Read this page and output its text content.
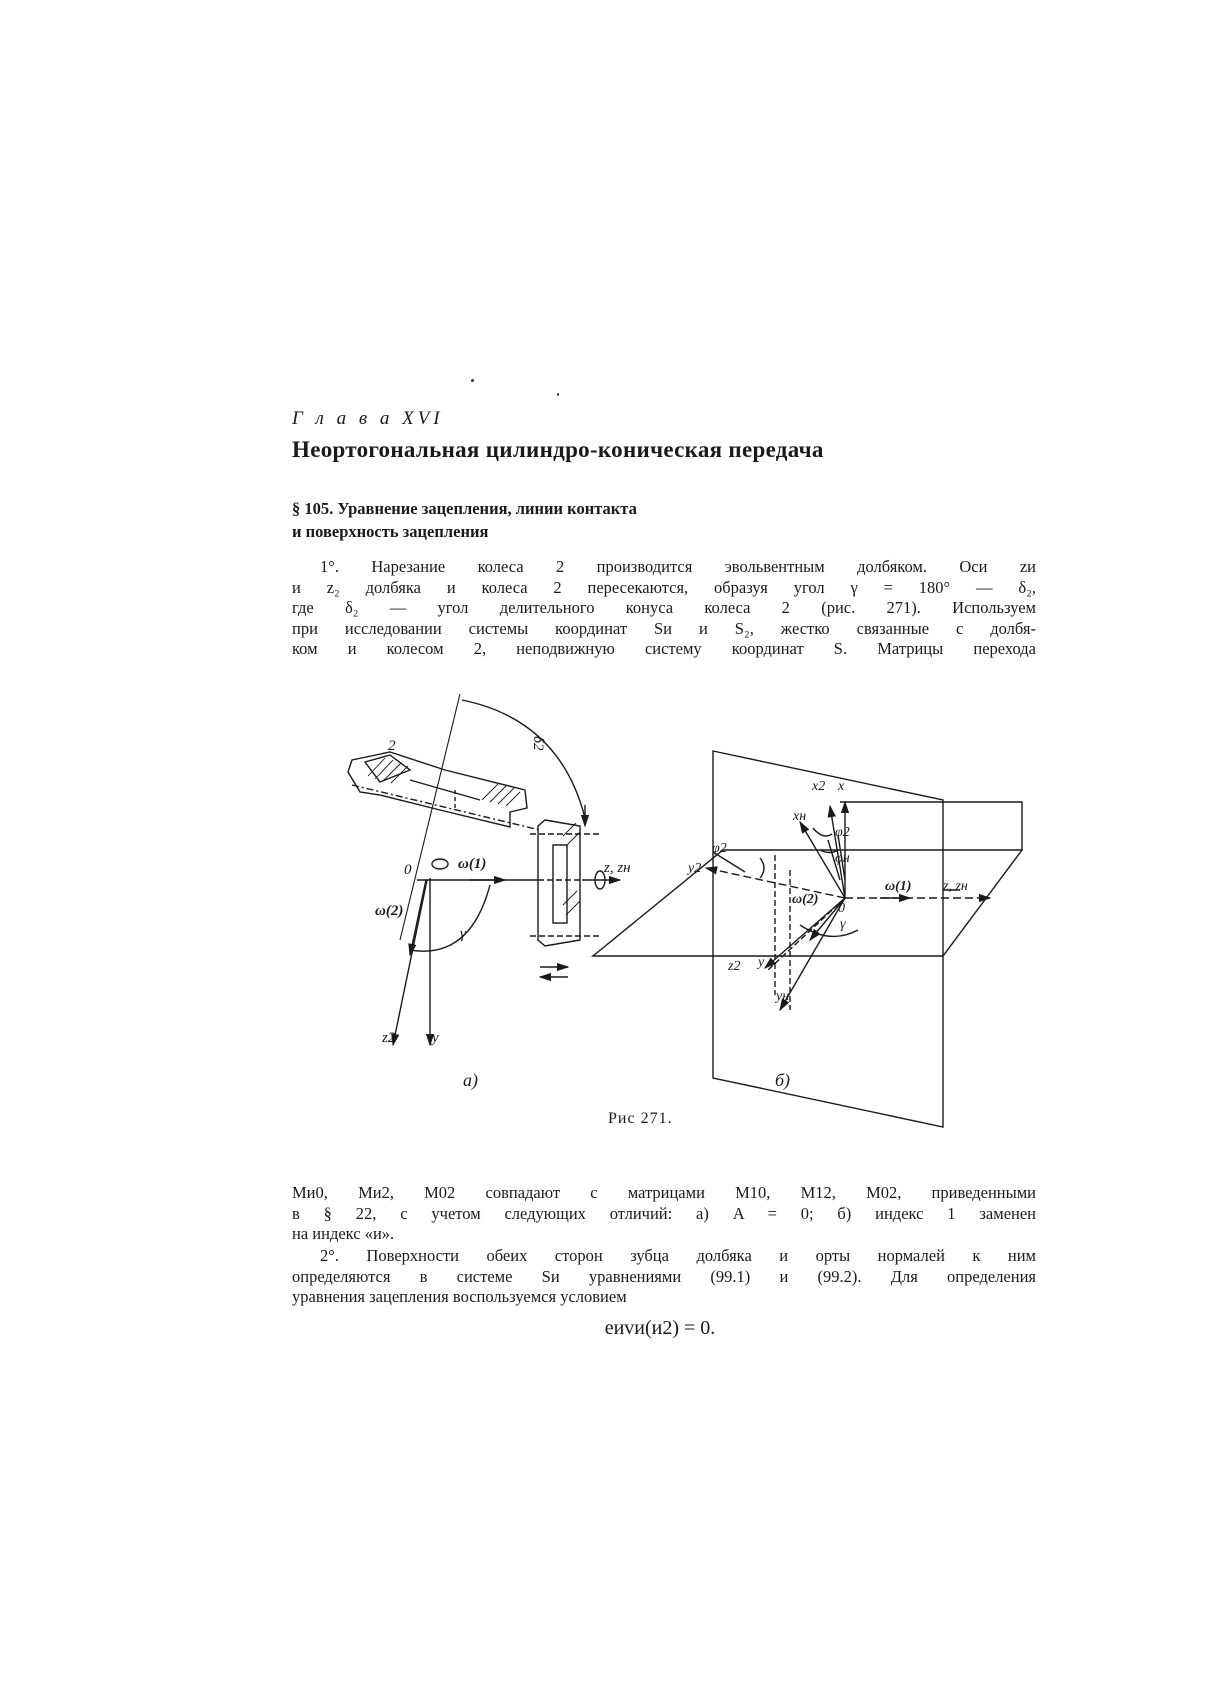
Г л а в а XVI
Неортогональная цилиндро-коническая передача
§ 105. Уравнение зацепления, линии контакта
и поверхность зацепления
1°. Нарезание колеса 2 производится эвольвентным долбяком. Оси zи
и z₂ долбяка и колеса 2 пересекаются, образуя угол γ = 180° — δ₂,
где δ₂ — угол делительного конуса колеса 2 (рис. 271). Используем
при исследовании системы координат Sи и S₂, жестко связанные с долбя-
ком и колесом 2, неподвижную систему координат S. Матрицы перехода
2	δ2
0	ω(1)
ω(2)
γ
z, zн
z2 y
x2 x
xн
φ2
φн
y2
φ2
ω(1) z, zн
ω(2)
0
γ
z2 y
yн
а)	б)
Рис 271.
Mи0, Mи2, M02 совпадают с матрицами M10, M12, M02, приведенными
в § 22, с учетом следующих отличий: а) A = 0; б) индекс 1 заменен
на индекс «и».
2°. Поверхности обеих сторон зубца долбяка и орты нормалей к ним
определяются в системе Sи уравнениями (99.1) и (99.2). Для определения
уравнения зацепления воспользуемся условием
eиvи(и2) = 0.
